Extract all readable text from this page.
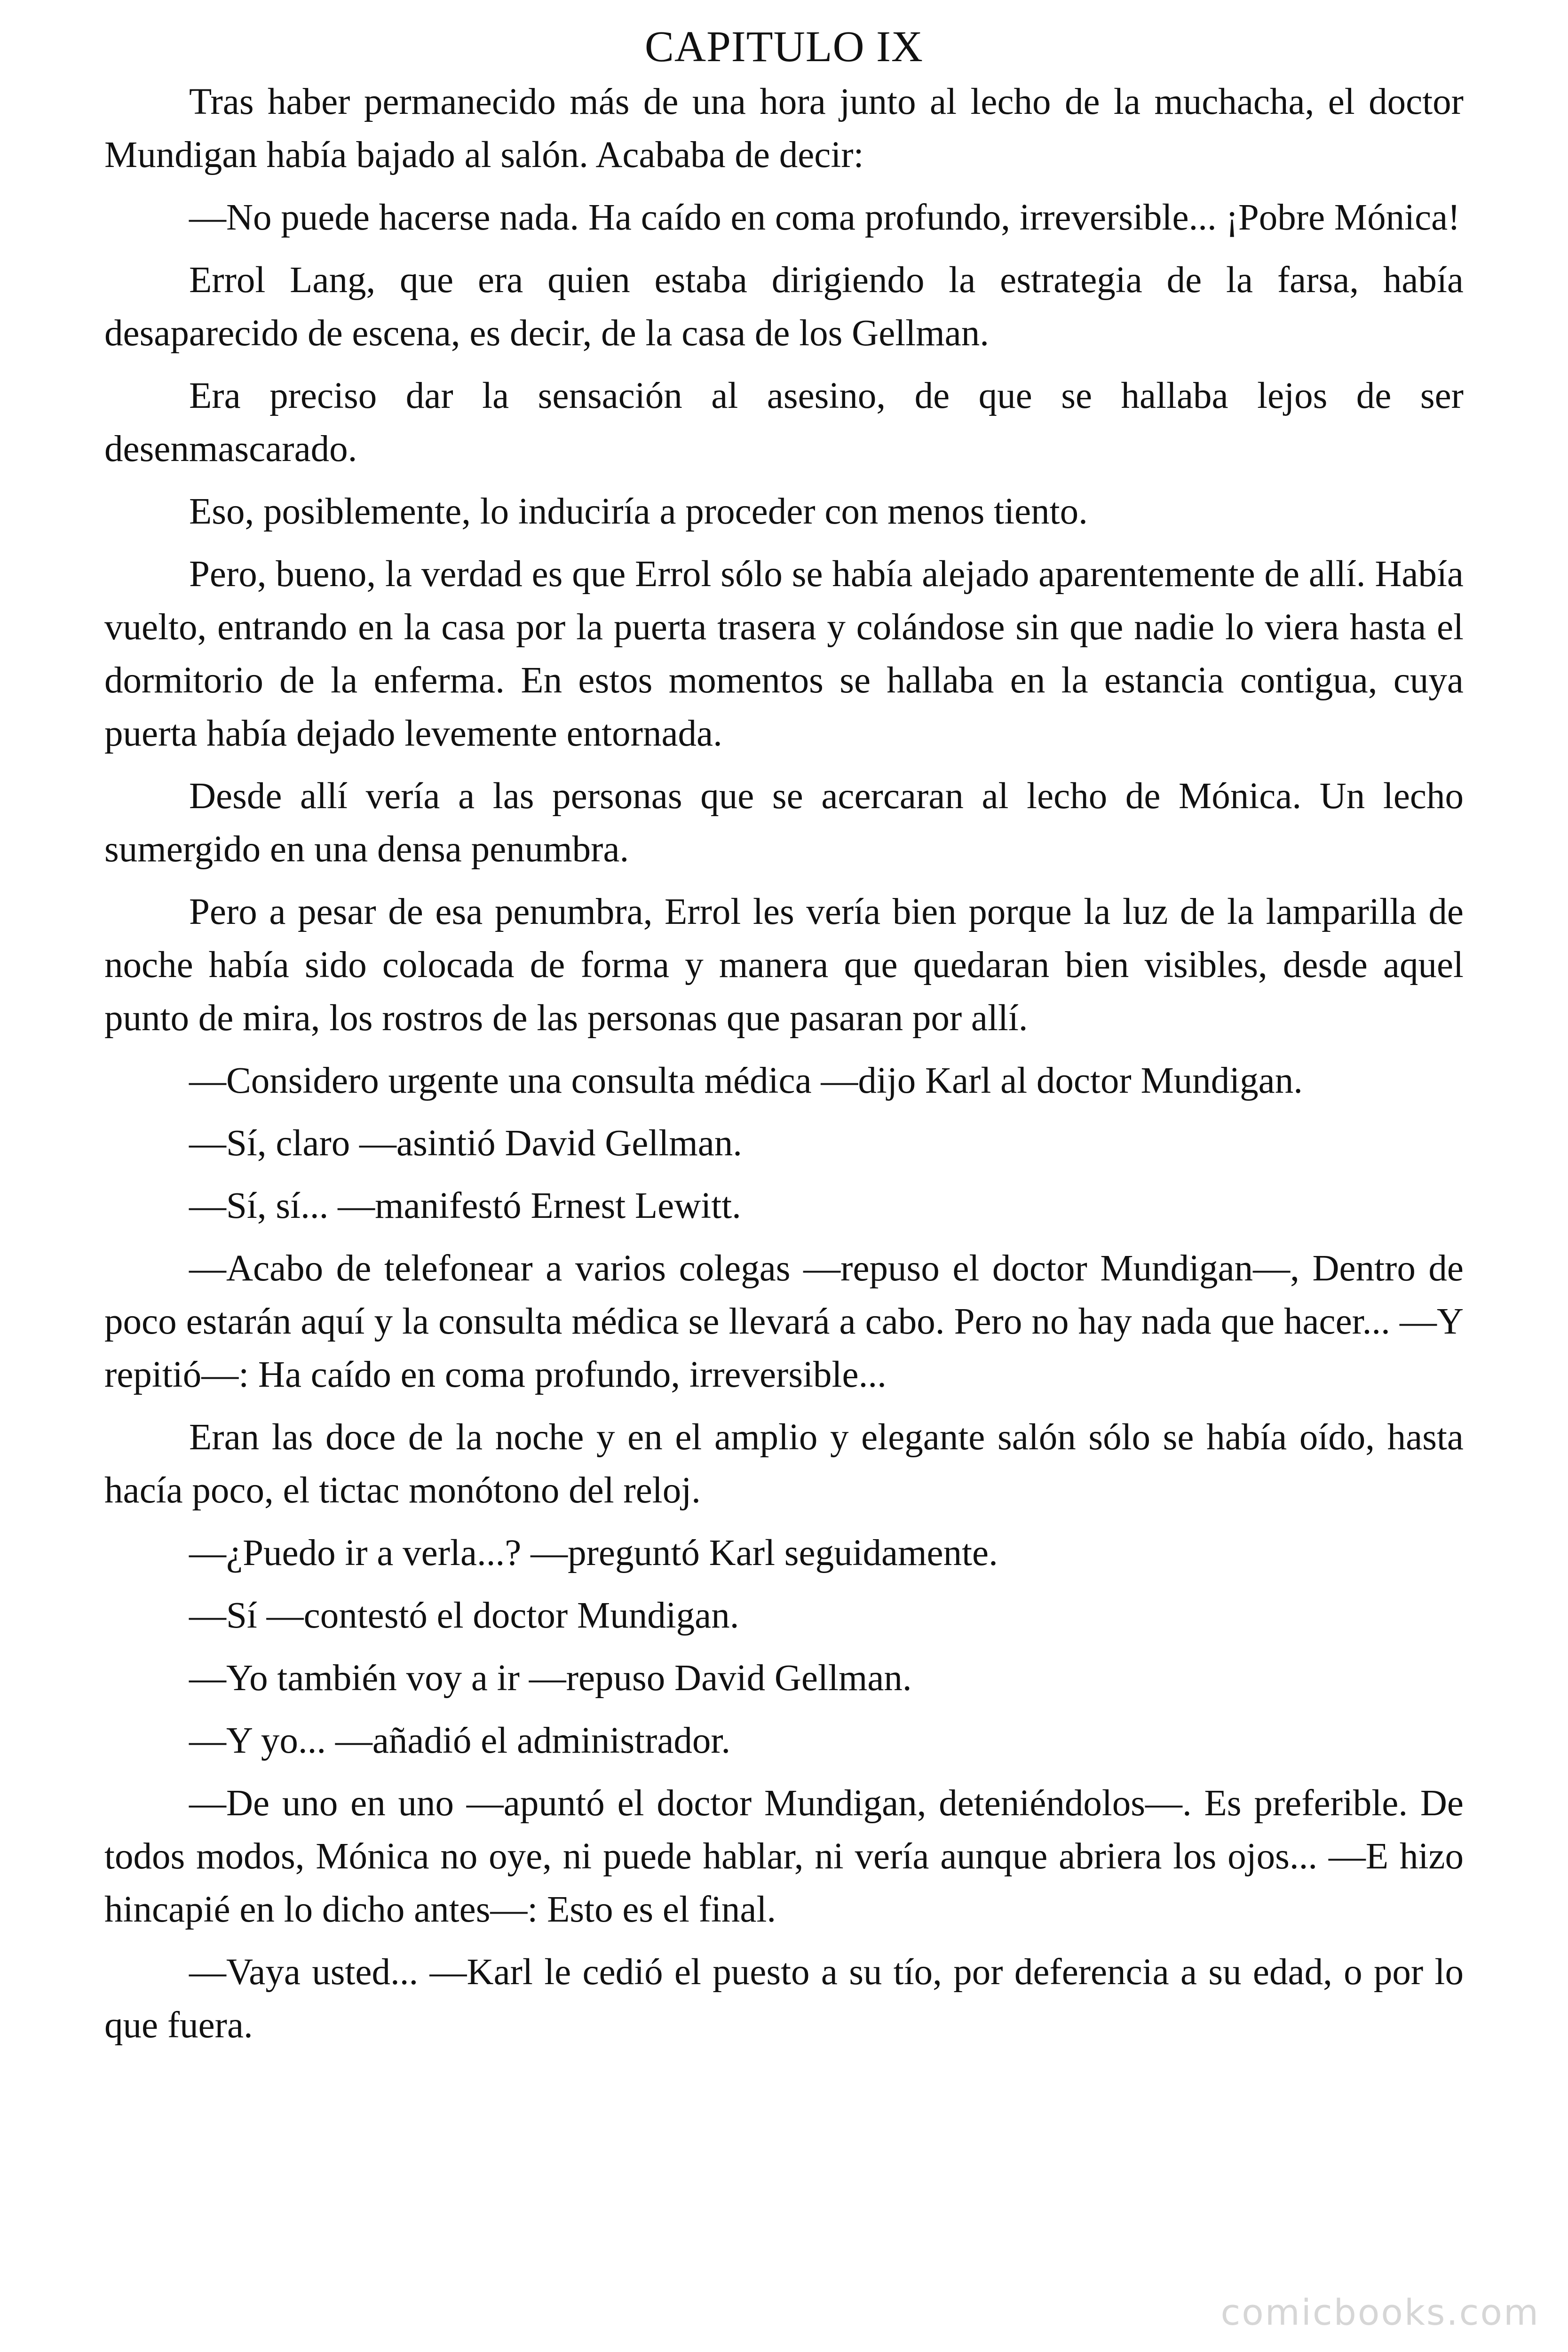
CAPITULO IX

Tras haber permanecido más de una hora junto al lecho de la muchacha, el doctor Mundigan había bajado al salón. Acababa de decir:

—No puede hacerse nada. Ha caído en coma profundo, irreversible... ¡Pobre Mónica!

Errol Lang, que era quien estaba dirigiendo la estrategia de la farsa, había desaparecido de escena, es decir, de la casa de los Gellman.

Era preciso dar la sensación al asesino, de que se hallaba lejos de ser desenmascarado.

Eso, posiblemente, lo induciría a proceder con menos tiento.

Pero, bueno, la verdad es que Errol sólo se había alejado aparentemente de allí. Había vuelto, entrando en la casa por la puerta trasera y colándose sin que nadie lo viera hasta el dormitorio de la enferma. En estos momentos se hallaba en la estancia contigua, cuya puerta había dejado levemente entornada.

Desde allí vería a las personas que se acercaran al lecho de Mónica. Un lecho sumergido en una densa penumbra.

Pero a pesar de esa penumbra, Errol les vería bien porque la luz de la lamparilla de noche había sido colocada de forma y manera que quedaran bien visibles, desde aquel punto de mira, los rostros de las personas que pasaran por allí.

—Considero urgente una consulta médica —dijo Karl al doctor Mundigan.

—Sí, claro —asintió David Gellman.

—Sí, sí... —manifestó Ernest Lewitt.

—Acabo de telefonear a varios colegas —repuso el doctor Mundigan—, Dentro de poco estarán aquí y la consulta médica se llevará a cabo. Pero no hay nada que hacer... —Y repitió—: Ha caído en coma profundo, irreversible...

Eran las doce de la noche y en el amplio y elegante salón sólo se había oído, hasta hacía poco, el tictac monótono del reloj.

—¿Puedo ir a verla...? —preguntó Karl seguidamente.

—Sí —contestó el doctor Mundigan.

—Yo también voy a ir —repuso David Gellman.

—Y yo... —añadió el administrador.

—De uno en uno —apuntó el doctor Mundigan, deteniéndolos—. Es preferible. De todos modos, Mónica no oye, ni puede hablar, ni vería aunque abriera los ojos... —E hizo hincapié en lo dicho antes—: Esto es el final.

—Vaya usted... —Karl le cedió el puesto a su tío, por deferencia a su edad, o por lo que fuera.

comicbooks.com
